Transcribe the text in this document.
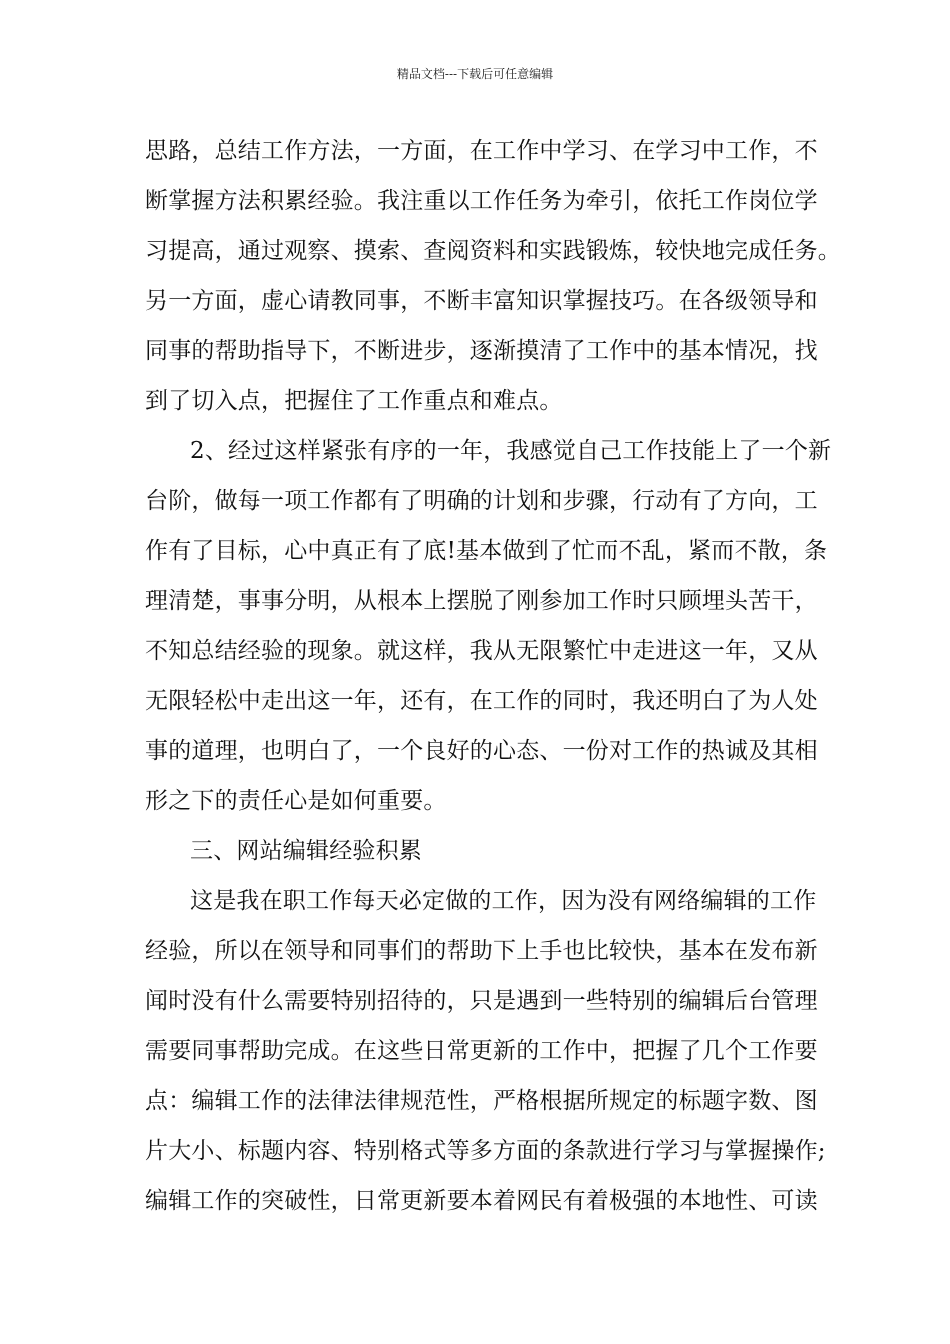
精品文档---下载后可任意编辑
思路，总结工作方法，一方面，在工作中学习、在学习中工作，不
断掌握方法积累经验。我注重以工作任务为牵引，依托工作岗位学
习提高，通过观察、摸索、查阅资料和实践锻炼，较快地完成任务。
另一方面，虚心请教同事，不断丰富知识掌握技巧。在各级领导和
同事的帮助指导下，不断进步，逐渐摸清了工作中的基本情况，找
到了切入点，把握住了工作重点和难点。
2、经过这样紧张有序的一年，我感觉自己工作技能上了一个新
台阶，做每一项工作都有了明确的计划和步骤，行动有了方向，工
作有了目标，心中真正有了底!基本做到了忙而不乱，紧而不散，条
理清楚，事事分明，从根本上摆脱了刚参加工作时只顾埋头苦干，
不知总结经验的现象。就这样，我从无限繁忙中走进这一年，又从
无限轻松中走出这一年，还有，在工作的同时，我还明白了为人处
事的道理，也明白了，一个良好的心态、一份对工作的热诚及其相
形之下的责任心是如何重要。
三、网站编辑经验积累
这是我在职工作每天必定做的工作，因为没有网络编辑的工作
经验，所以在领导和同事们的帮助下上手也比较快，基本在发布新
闻时没有什么需要特别招待的，只是遇到一些特别的编辑后台管理
需要同事帮助完成。在这些日常更新的工作中，把握了几个工作要
点：编辑工作的法律法律规范性，严格根据所规定的标题字数、图
片大小、标题内容、特别格式等多方面的条款进行学习与掌握操作;
编辑工作的突破性，日常更新要本着网民有着极强的本地性、可读
